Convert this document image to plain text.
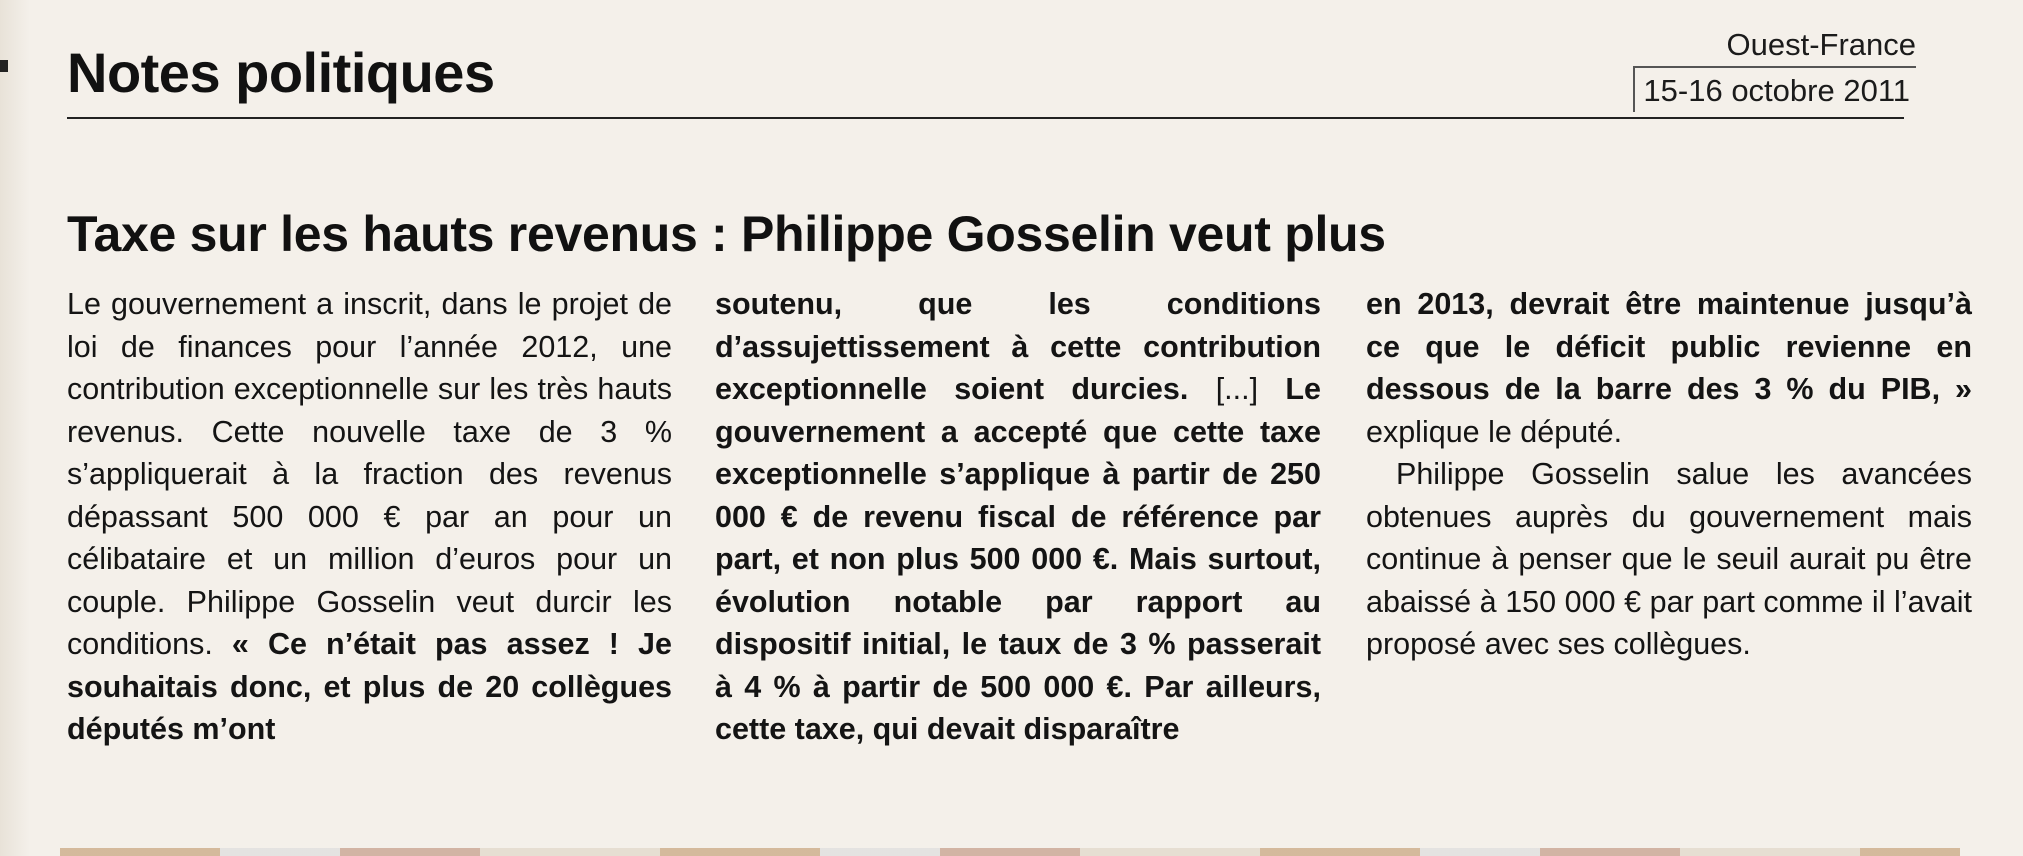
Notes politiques	Ouest-France
15-16 octobre 2011
Taxe sur les hauts revenus : Philippe Gosselin veut plus

Le gouvernement a inscrit, dans le projet de loi de finances pour l’année 2012, une contribution exceptionnelle sur les très hauts revenus. Cette nouvelle taxe de 3 % s’appliquerait à la fraction des revenus dépassant 500 000 € par an pour un célibataire et un million d’euros pour un couple. Philippe Gosselin veut durcir les conditions. « Ce n’était pas assez ! Je souhaitais donc, et plus de 20 collègues députés m’ont

soutenu, que les conditions d’assujettissement à cette contribution exceptionnelle soient durcies. [...] Le gouvernement a accepté que cette taxe exceptionnelle s’applique à partir de 250 000 € de revenu fiscal de référence par part, et non plus 500 000 €. Mais surtout, évolution notable par rapport au dispositif initial, le taux de 3 % passerait à 4 % à partir de 500 000 €. Par ailleurs, cette taxe, qui devait disparaître

en 2013, devrait être maintenue jusqu’à ce que le déficit public revienne en dessous de la barre des 3 % du PIB, » explique le député.

Philippe Gosselin salue les avancées obtenues auprès du gouvernement mais continue à penser que le seuil aurait pu être abaissé à 150 000 € par part comme il l’avait proposé avec ses collègues.
